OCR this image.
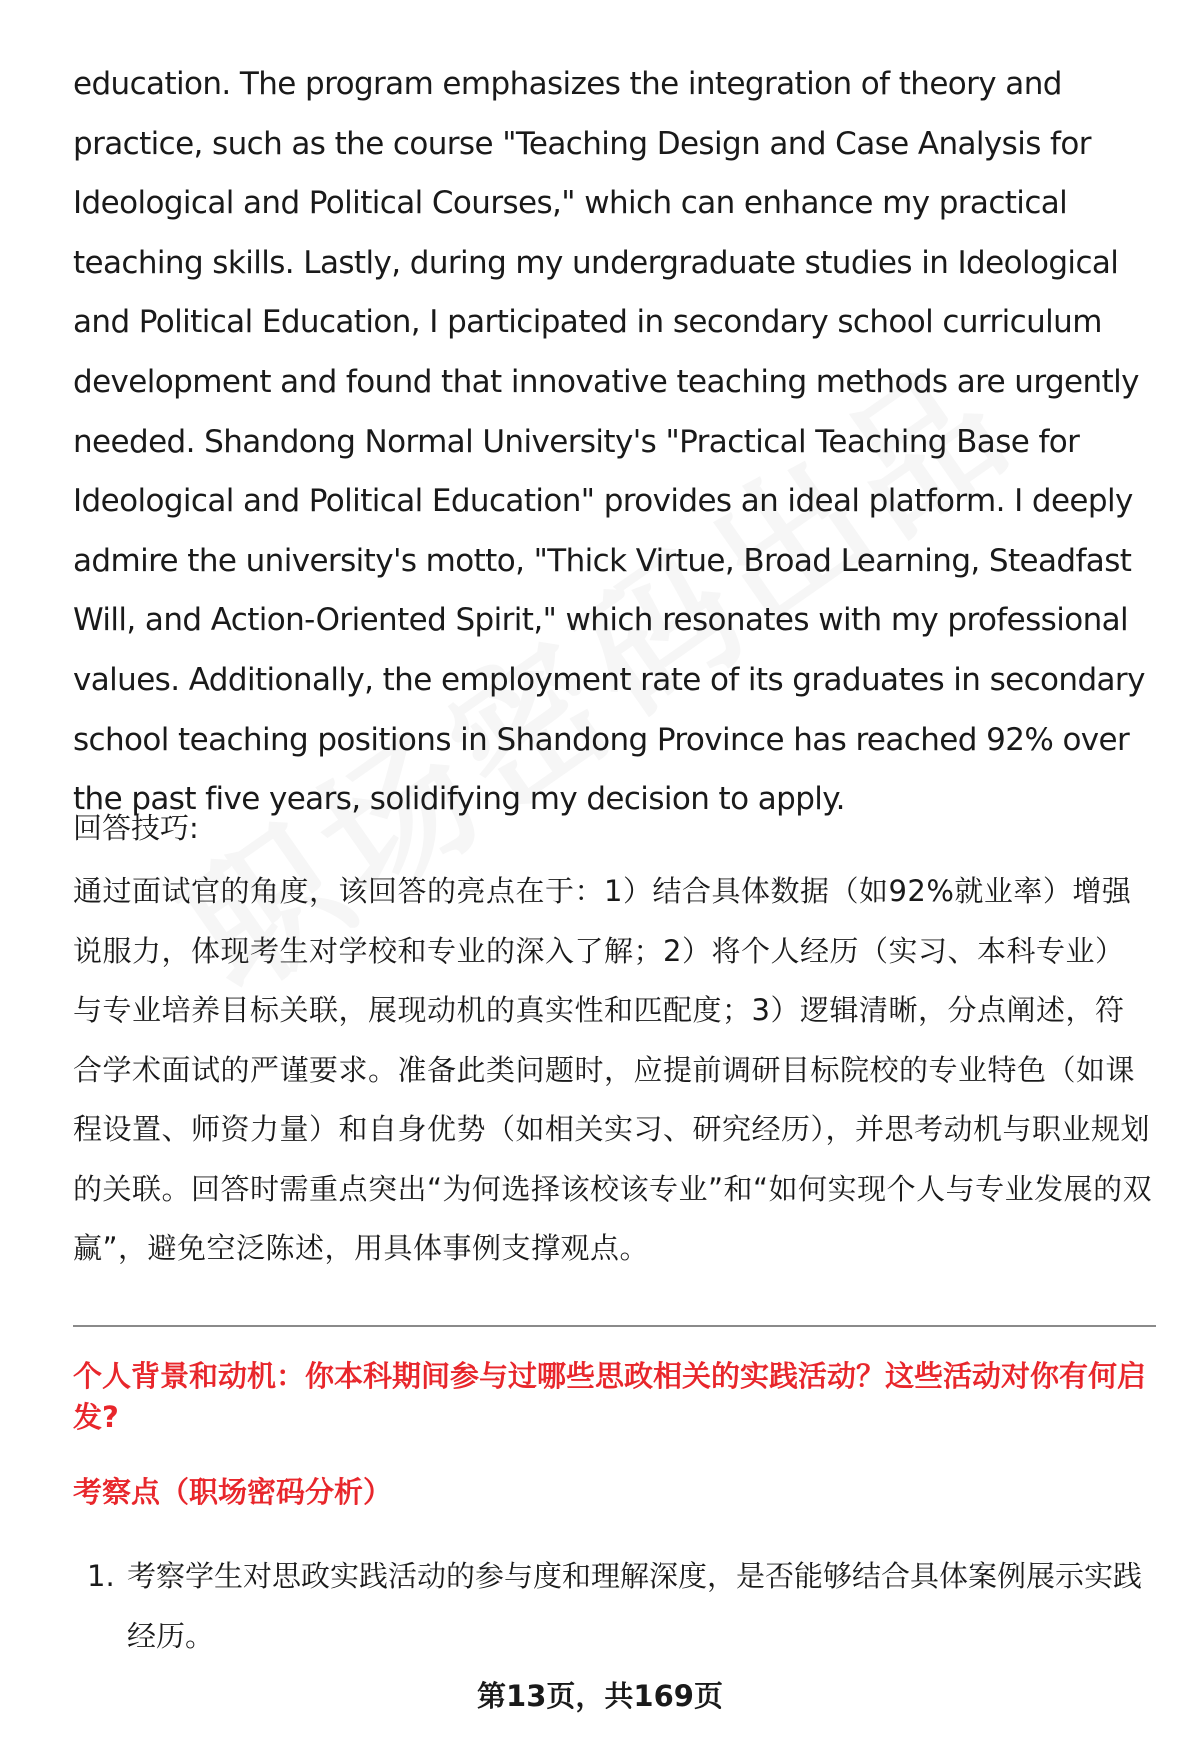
education. The program emphasizes the integration of theory and practice, such as the course "Teaching Design and Case Analysis for Ideological and Political Courses," which can enhance my practical teaching skills. Lastly, during my undergraduate studies in Ideological and Political Education, I participated in secondary school curriculum development and found that innovative teaching methods are urgently needed. Shandong Normal University's "Practical Teaching Base for Ideological and Political Education" provides an ideal platform. I deeply admire the university's motto, "Thick Virtue, Broad Learning, Steadfast Will, and Action-Oriented Spirit," which resonates with my professional values. Additionally, the employment rate of its graduates in secondary school teaching positions in Shandong Province has reached 92% over the past five years, solidifying my decision to apply.

回答技巧:

通过面试官的角度，该回答的亮点在于：1）结合具体数据（如92%就业率）增强说服力，体现考生对学校和专业的深入了解；2）将个人经历（实习、本科专业）与专业培养目标关联，展现动机的真实性和匹配度；3）逻辑清晰，分点阐述，符合学术面试的严谨要求。准备此类问题时，应提前调研目标院校的专业特色（如课程设置、师资力量）和自身优势（如相关实习、研究经历），并思考动机与职业规划的关联。回答时需重点突出“为何选择该校该专业”和“如何实现个人与专业发展的双赢”，避免空泛陈述，用具体事例支撑观点。

个人背景和动机：你本科期间参与过哪些思政相关的实践活动？这些活动对你有何启发?

考察点（职场密码分析）

1. 考察学生对思政实践活动的参与度和理解深度，是否能够结合具体案例展示实践经历。

第13页，共169页
